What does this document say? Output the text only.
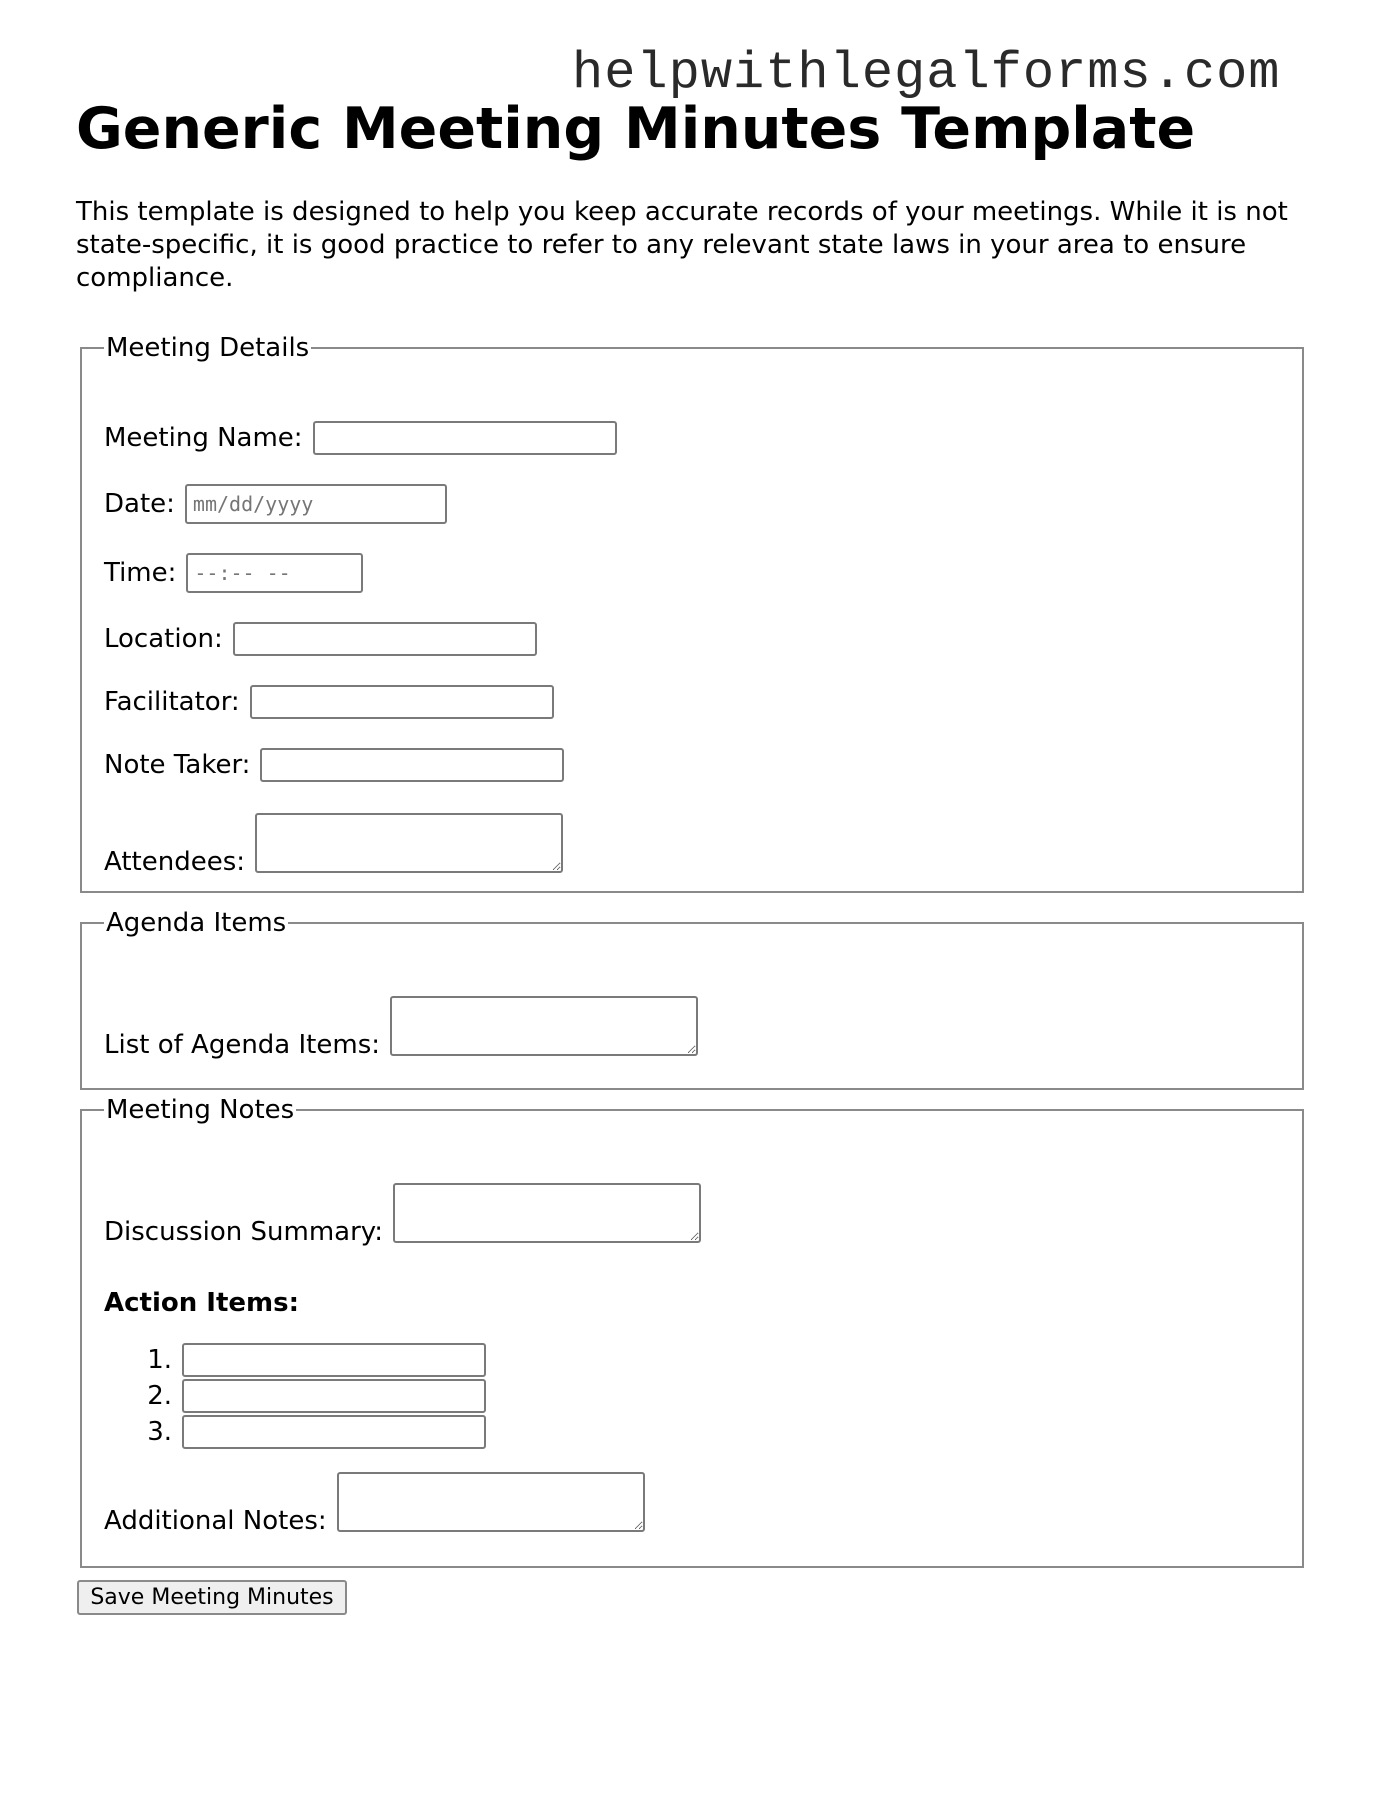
helpwithlegalforms.com
Generic Meeting Minutes Template

This template is designed to help you keep accurate records of your meetings. While it is not state-specific, it is good practice to refer to any relevant state laws in your area to ensure compliance.

Meeting Details
Meeting Name:
Date:
mm/dd/yyyy
Time:
--:-- --
Location:
Facilitator:
Note Taker:
Attendees:
Agenda Items
List of Agenda Items:
Meeting Notes
Discussion Summary:
Action Items:
1.
2.
3.
Additional Notes:
Save Meeting Minutes
